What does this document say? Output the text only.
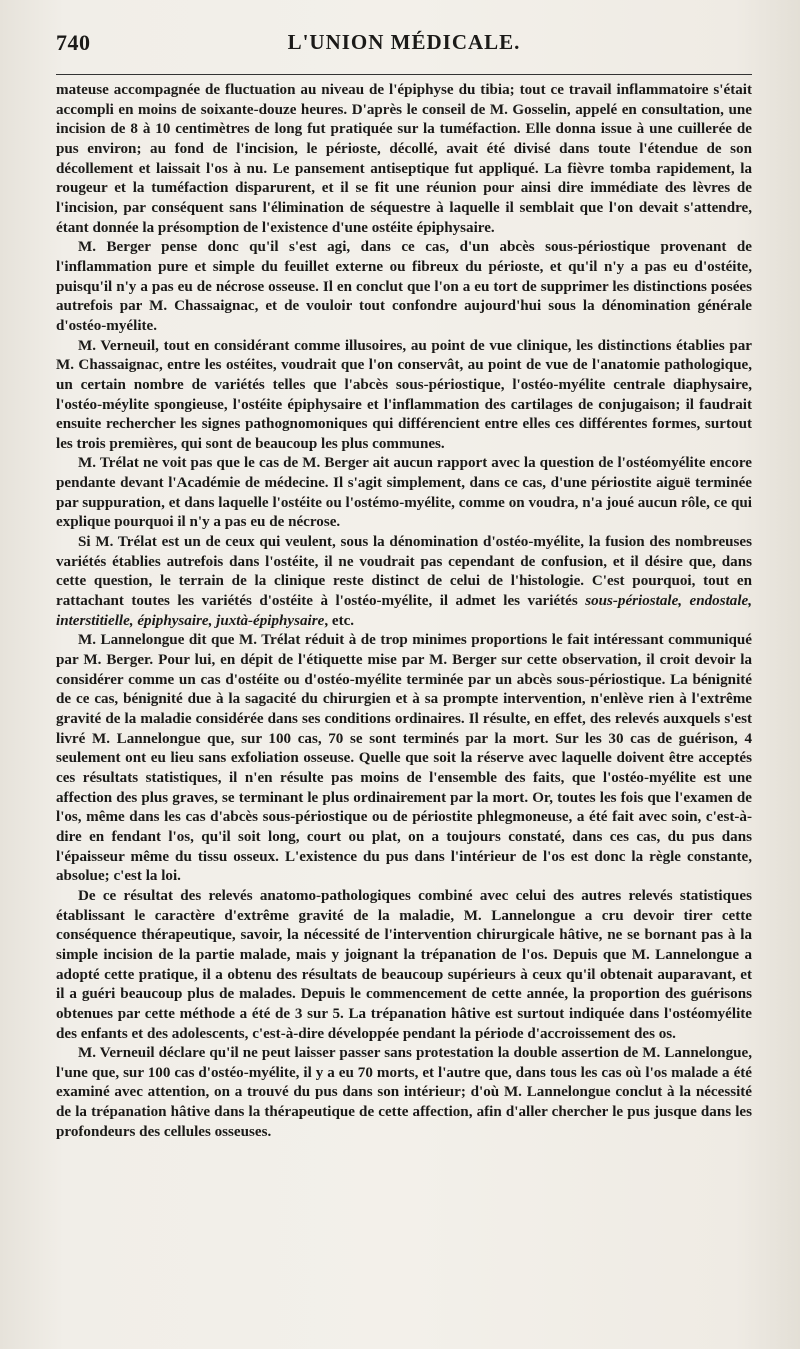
740	L'UNION MÉDICALE.

mateuse accompagnée de fluctuation au niveau de l'épiphyse du tibia; tout ce travail inflammatoire s'était accompli en moins de soixante-douze heures. D'après le conseil de M. Gosselin, appelé en consultation, une incision de 8 à 10 centimètres de long fut pratiquée sur la tuméfaction. Elle donna issue à une cuillerée de pus environ; au fond de l'incision, le périoste, décollé, avait été divisé dans toute l'étendue de son décollement et laissait l'os à nu. Le pansement antiseptique fut appliqué. La fièvre tomba rapidement, la rougeur et la tuméfaction disparurent, et il se fit une réunion pour ainsi dire immédiate des lèvres de l'incision, par conséquent sans l'élimination de séquestre à laquelle il semblait que l'on devait s'attendre, étant donnée la présomption de l'existence d'une ostéite épiphysaire.

M. Berger pense donc qu'il s'est agi, dans ce cas, d'un abcès sous-périostique provenant de l'inflammation pure et simple du feuillet externe ou fibreux du périoste, et qu'il n'y a pas eu d'ostéite, puisqu'il n'y a pas eu de nécrose osseuse. Il en conclut que l'on a eu tort de supprimer les distinctions posées autrefois par M. Chassaignac, et de vouloir tout confondre aujourd'hui sous la dénomination générale d'ostéo-myélite.

M. Verneuil, tout en considérant comme illusoires, au point de vue clinique, les distinctions établies par M. Chassaignac, entre les ostéites, voudrait que l'on conservât, au point de vue de l'anatomie pathologique, un certain nombre de variétés telles que l'abcès sous-périostique, l'ostéo-myélite centrale diaphysaire, l'ostéo-méylite spongieuse, l'ostéite épiphysaire et l'inflammation des cartilages de conjugaison; il faudrait ensuite rechercher les signes pathognomoniques qui différencient entre elles ces différentes formes, surtout les trois premières, qui sont de beaucoup les plus communes.

M. Trélat ne voit pas que le cas de M. Berger ait aucun rapport avec la question de l'ostéomyélite encore pendante devant l'Académie de médecine. Il s'agit simplement, dans ce cas, d'une périostite aiguë terminée par suppuration, et dans laquelle l'ostéite ou l'ostémo-myélite, comme on voudra, n'a joué aucun rôle, ce qui explique pourquoi il n'y a pas eu de nécrose.

Si M. Trélat est un de ceux qui veulent, sous la dénomination d'ostéo-myélite, la fusion des nombreuses variétés établies autrefois dans l'ostéite, il ne voudrait pas cependant de confusion, et il désire que, dans cette question, le terrain de la clinique reste distinct de celui de l'histologie. C'est pourquoi, tout en rattachant toutes les variétés d'ostéite à l'ostéo-myélite, il admet les variétés sous-périostale, endostale, interstitielle, épiphysaire, juxtà-épiphysaire, etc.

M. Lannelongue dit que M. Trélat réduit à de trop minimes proportions le fait intéressant communiqué par M. Berger. Pour lui, en dépit de l'étiquette mise par M. Berger sur cette observation, il croit devoir la considérer comme un cas d'ostéite ou d'ostéo-myélite terminée par un abcès sous-périostique. La bénignité de ce cas, bénignité due à la sagacité du chirurgien et à sa prompte intervention, n'enlève rien à l'extrême gravité de la maladie considérée dans ses conditions ordinaires. Il résulte, en effet, des relevés auxquels s'est livré M. Lannelongue que, sur 100 cas, 70 se sont terminés par la mort. Sur les 30 cas de guérison, 4 seulement ont eu lieu sans exfoliation osseuse. Quelle que soit la réserve avec laquelle doivent être acceptés ces résultats statistiques, il n'en résulte pas moins de l'ensemble des faits, que l'ostéo-myélite est une affection des plus graves, se terminant le plus ordinairement par la mort. Or, toutes les fois que l'examen de l'os, même dans les cas d'abcès sous-périostique ou de périostite phlegmoneuse, a été fait avec soin, c'est-à-dire en fendant l'os, qu'il soit long, court ou plat, on a toujours constaté, dans ces cas, du pus dans l'épaisseur même du tissu osseux. L'existence du pus dans l'intérieur de l'os est donc la règle constante, absolue; c'est la loi.

De ce résultat des relevés anatomo-pathologiques combiné avec celui des autres relevés statistiques établissant le caractère d'extrême gravité de la maladie, M. Lannelongue a cru devoir tirer cette conséquence thérapeutique, savoir, la nécessité de l'intervention chirurgicale hâtive, ne se bornant pas à la simple incision de la partie malade, mais y joignant la trépanation de l'os. Depuis que M. Lannelongue a adopté cette pratique, il a obtenu des résultats de beaucoup supérieurs à ceux qu'il obtenait auparavant, et il a guéri beaucoup plus de malades. Depuis le commencement de cette année, la proportion des guérisons obtenues par cette méthode a été de 3 sur 5. La trépanation hâtive est surtout indiquée dans l'ostéomyélite des enfants et des adolescents, c'est-à-dire développée pendant la période d'accroissement des os.

M. Verneuil déclare qu'il ne peut laisser passer sans protestation la double assertion de M. Lannelongue, l'une que, sur 100 cas d'ostéo-myélite, il y a eu 70 morts, et l'autre que, dans tous les cas où l'os malade a été examiné avec attention, on a trouvé du pus dans son intérieur; d'où M. Lannelongue conclut à la nécessité de la trépanation hâtive dans la thérapeutique de cette affection, afin d'aller chercher le pus jusque dans les profondeurs des cellules osseuses.
